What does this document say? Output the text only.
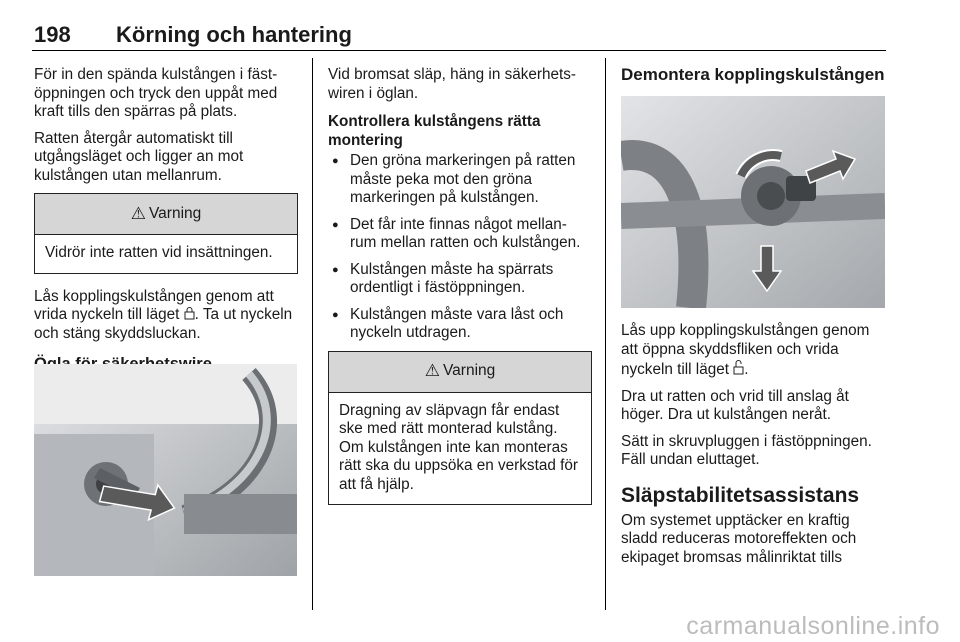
198 Körning och hantering

För in den spända kulstången i fäst-öppningen och tryck den uppåt med kraft tills den spärras på plats.

Ratten återgår automatiskt till utgångsläget och ligger an mot kulstången utan mellanrum.

⚠ Varning
Vidrör inte ratten vid insättningen.

Lås kopplingskulstången genom att vrida nyckeln till läget . Ta ut nyckeln och stäng skyddsluckan.

Vid bromsat släp, häng in säkerhets-wiren i öglan.

Kontrollera kulstångens rätta montering
● Den gröna markeringen på ratten måste peka mot den gröna markeringen på kulstången.
● Det får inte finnas något mellan-rum mellan ratten och kulstången.
● Kulstången måste ha spärrats ordentligt i fästöppningen.
● Kulstången måste vara låst och nyckeln utdragen.
⚠ Varning
Dragning av släpvagn får endast ske med rätt monterad kulstång. Om kulstången inte kan monteras rätt ska du uppsöka en verkstad för att få hjälp.
Demontera kopplingskulstången

Lås upp kopplingskulstången genom att öppna skyddsfliken och vrida nyckeln till läget .

Dra ut ratten och vrid till anslag åt höger. Dra ut kulstången neråt.

Sätt in skruvpluggen i fästöppningen. Fäll undan eluttaget.

Släpstabilitetsassistans

Om systemet upptäcker en kraftig sladd reduceras motoreffekten och ekipaget bromsas målinriktat tills

carmanualsonline.info
